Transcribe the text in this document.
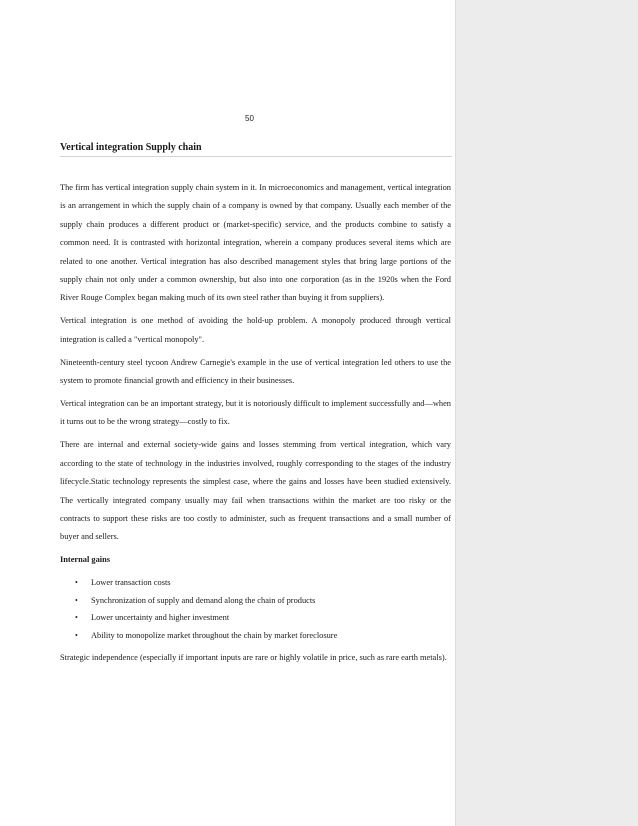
50
Vertical integration Supply chain

The firm has vertical integration supply chain system in it. In microeconomics and management, vertical integration is an arrangement in which the supply chain of a company is owned by that company. Usually each member of the supply chain produces a different product or (market-specific) service, and the products combine to satisfy a common need. It is contrasted with horizontal integration, wherein a company produces several items which are related to one another. Vertical integration has also described management styles that bring large portions of the supply chain not only under a common ownership, but also into one corporation (as in the 1920s when the Ford River Rouge Complex began making much of its own steel rather than buying it from suppliers).

Vertical integration is one method of avoiding the hold-up problem. A monopoly produced through vertical integration is called a "vertical monopoly".

Nineteenth-century steel tycoon Andrew Carnegie's example in the use of vertical integration led others to use the system to promote financial growth and efficiency in their businesses.

Vertical integration can be an important strategy, but it is notoriously difficult to implement successfully and—when it turns out to be the wrong strategy—costly to fix.

There are internal and external society-wide gains and losses stemming from vertical integration, which vary according to the state of technology in the industries involved, roughly corresponding to the stages of the industry lifecycle.Static technology represents the simplest case, where the gains and losses have been studied extensively. The vertically integrated company usually may fail when transactions within the market are too risky or the contracts to support these risks are too costly to administer, such as frequent transactions and a small number of buyer and sellers.

Internal gains

• Lower transaction costs
• Synchronization of supply and demand along the chain of products
• Lower uncertainty and higher investment
• Ability to monopolize market throughout the chain by market foreclosure

Strategic independence (especially if important inputs are rare or highly volatile in price, such as rare earth metals).
